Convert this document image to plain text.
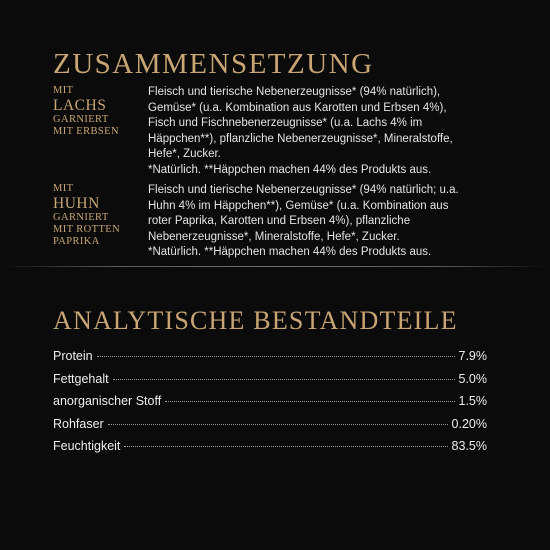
ZUSAMMENSETZUNG
MIT
LACHS
GARNIERT
MIT ERBSEN

Fleisch und tierische Nebenerzeugnisse* (94% natürlich),

Gemüse* (u.a. Kombination aus Karotten und Erbsen 4%),

Fisch und Fischnebenerzeugnisse* (u.a. Lachs 4% im

Häppchen**), pflanzliche Nebenerzeugnisse*, Mineralstoffe,

Hefe*, Zucker.

*Natürlich. **Häppchen machen 44% des Produkts aus.

MIT
HUHN
GARNIERT
MIT ROTTEN
PAPRIKA

Fleisch und tierische Nebenerzeugnisse* (94% natürlich; u.a.

Huhn 4% im Häppchen**), Gemüse* (u.a. Kombination aus

roter Paprika, Karotten und Erbsen 4%), pflanzliche

Nebenerzeugnisse*, Mineralstoffe, Hefe*, Zucker.

*Natürlich. **Häppchen machen 44% des Produkts aus.

ANALYTISCHE BESTANDTEILE
Protein	7.9%
Fettgehalt	5.0%
anorganischer Stoff	1.5%
Rohfaser	0.20%
Feuchtigkeit	83.5%
